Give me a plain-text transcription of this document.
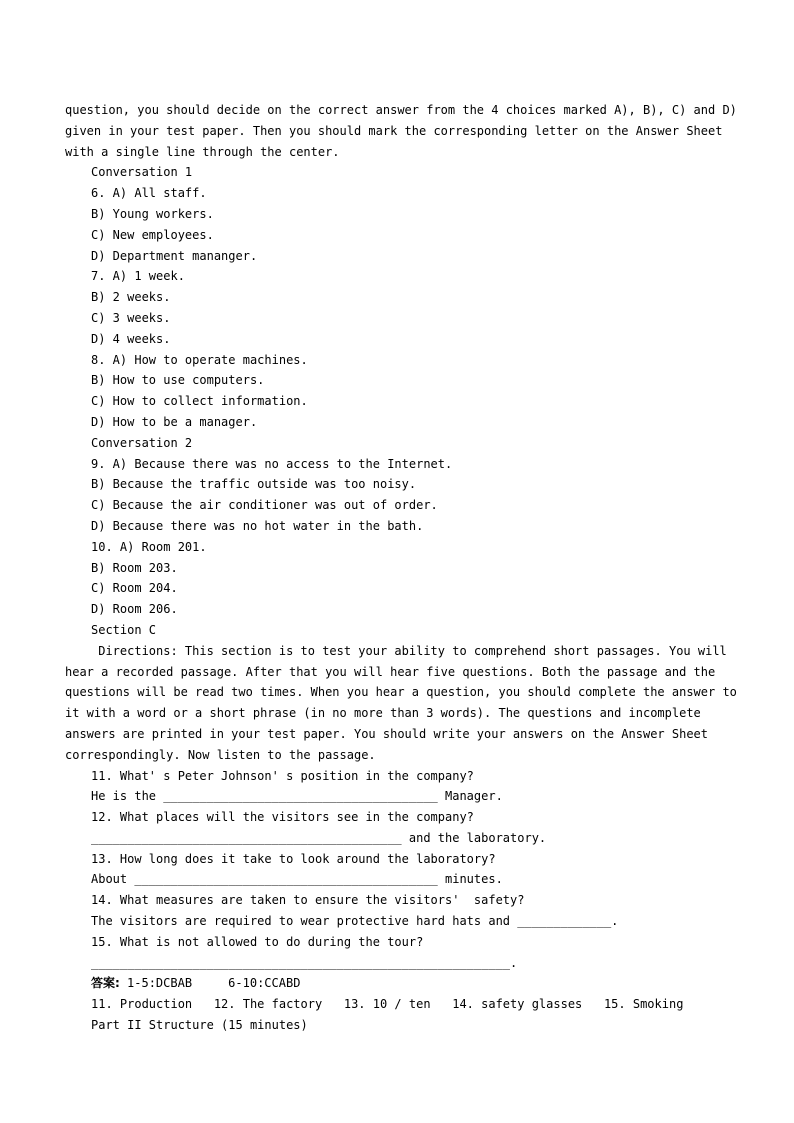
question, you should decide on the correct answer from the 4 choices marked A), B), C) and D)
given in your test paper. Then you should mark the corresponding letter on the Answer Sheet
with a single line through the center.
Conversation 1
6. A) All staff.
B) Young workers.
C) New employees.
D) Department mananger.
7. A) 1 week.
B) 2 weeks.
C) 3 weeks.
D) 4 weeks.
8. A) How to operate machines.
B) How to use computers.
C) How to collect information.
D) How to be a manager.
Conversation 2
9. A) Because there was no access to the Internet.
B) Because the traffic outside was too noisy.
C) Because the air conditioner was out of order.
D) Because there was no hot water in the bath.
10. A) Room 201.
B) Room 203.
C) Room 204.
D) Room 206.
Section C
Directions: This section is to test your ability to comprehend short passages. You will
hear a recorded passage. After that you will hear five questions. Both the passage and the
questions will be read two times. When you hear a question, you should complete the answer to
it with a word or a short phrase (in no more than 3 words). The questions and incomplete
answers are printed in your test paper. You should write your answers on the Answer Sheet
correspondingly. Now listen to the passage.
11. What' s Peter Johnson' s position in the company?
He is the ______________________________________ Manager.
12. What places will the visitors see in the company?
___________________________________________ and the laboratory.
13. How long does it take to look around the laboratory?
About __________________________________________ minutes.
14. What measures are taken to ensure the visitors'  safety?
The visitors are required to wear protective hard hats and _____________.
15. What is not allowed to do during the tour?
__________________________________________________________.
答案: 1-5:DCBAB     6-10:CCABD
11. Production   12. The factory   13. 10 / ten   14. safety glasses   15. Smoking
Part II Structure (15 minutes)
